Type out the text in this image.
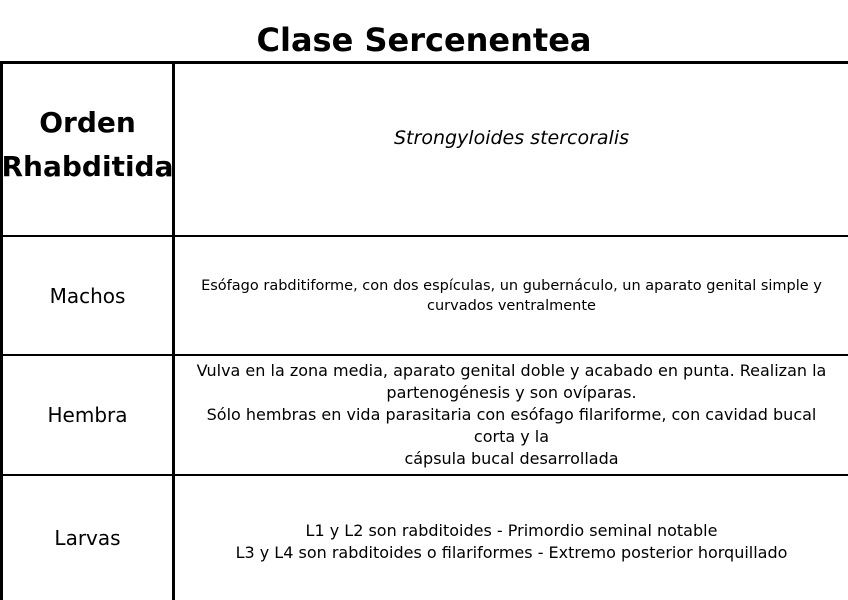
Clase Sercenentea
Orden
Rhabditida
Strongyloides stercoralis
Machos	Esófago rabditiforme, con dos espículas, un gubernáculo, un aparato genital simple y
curvados ventralmente
Hembra
Vulva en la zona media, aparato genital doble y acabado en punta. Realizan la
partenogénesis y son ovíparas.
Sólo hembras en vida parasitaria con esófago filariforme, con cavidad bucal corta y la
cápsula bucal desarrollada
Larvas	L1 y L2 son rabditoides - Primordio seminal notable
L3 y L4 son rabditoides o filariformes - Extremo posterior horquillado
